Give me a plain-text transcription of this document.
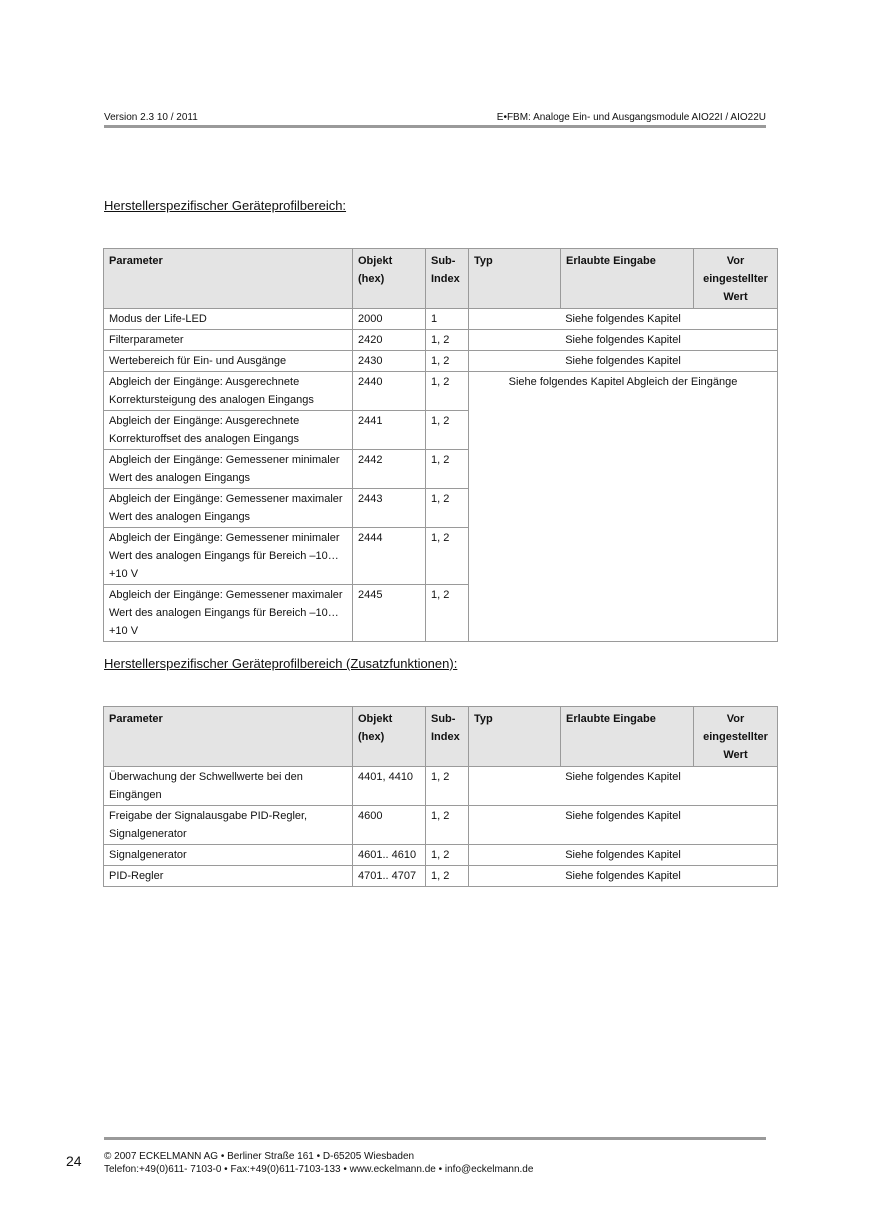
Version 2.3 10 / 2011	E•FBM: Analoge Ein- und Ausgangsmodule AIO22I / AIO22U
Herstellerspezifischer Geräteprofilbereich:
Parameter	Objekt (hex)	Sub-Index	Typ	Erlaubte Eingabe	Vor eingestellter Wert
Modus der Life-LED	2000	1	Siehe folgendes Kapitel		
Filterparameter	2420	1, 2	Siehe folgendes Kapitel		
Wertebereich für Ein- und Ausgänge	2430	1, 2	Siehe folgendes Kapitel		
Abgleich der Eingänge: Ausgerechnete Korrektursteigung des analogen Eingangs	2440	1, 2	Siehe folgendes Kapitel Abgleich der Eingänge		
Abgleich der Eingänge: Ausgerechnete Korrekturoffset des analogen Eingangs	2441	1, 2			
Abgleich der Eingänge: Gemessener minimaler Wert des analogen Eingangs	2442	1, 2			
Abgleich der Eingänge: Gemessener maximaler Wert des analogen Eingangs	2443	1, 2			
Abgleich der Eingänge: Gemessener minimaler Wert des analogen Eingangs für Bereich –10…+10 V	2444	1, 2			
Abgleich der Eingänge: Gemessener maximaler Wert des analogen Eingangs für Bereich –10…+10 V	2445	1, 2			
Herstellerspezifischer Geräteprofilbereich (Zusatzfunktionen):
Parameter	Objekt (hex)	Sub-Index	Typ	Erlaubte Eingabe	Vor eingestellter Wert
Überwachung der Schwellwerte bei den Eingängen	4401, 4410	1, 2	Siehe folgendes Kapitel		
Freigabe der Signalausgabe PID-Regler, Signalgenerator	4600	1, 2	Siehe folgendes Kapitel		
Signalgenerator	4601.. 4610	1, 2	Siehe folgendes Kapitel		
PID-Regler	4701.. 4707	1, 2	Siehe folgendes Kapitel		
24 © 2007 ECKELMANN AG • Berliner Straße 161 • D-65205 Wiesbaden
Telefon:+49(0)611- 7103-0 • Fax:+49(0)611-7103-133 • www.eckelmann.de • info@eckelmann.de
